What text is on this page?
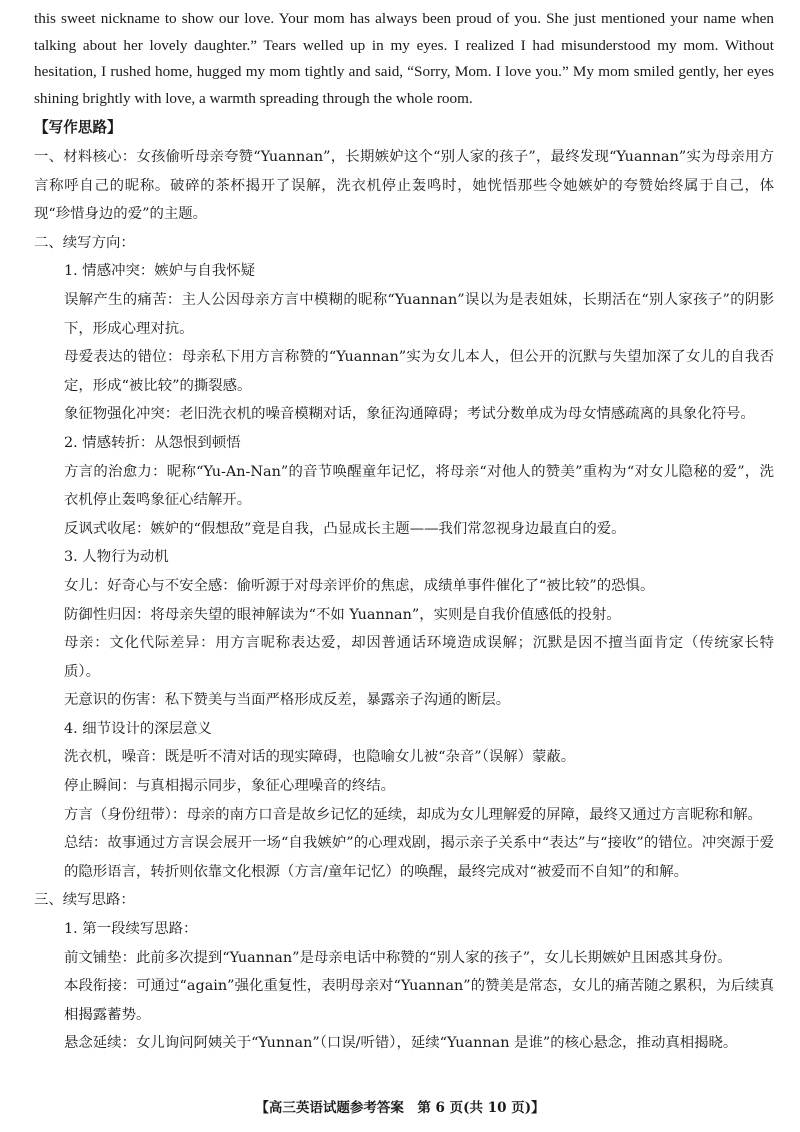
this sweet nickname to show our love. Your mom has always been proud of you. She just mentioned your name when talking about her lovely daughter.” Tears welled up in my eyes. I realized I had misunderstood my mom. Without hesitation, I rushed home, hugged my mom tightly and said, “Sorry, Mom. I love you.” My mom smiled gently, her eyes shining brightly with love, a warmth spreading through the whole room.

【写作思路】

一、材料核心：女孩偷听母亲夸赞“Yuannan”，长期嫉妒这个“别人家的孩子”，最终发现“Yuannan”实为母亲用方言称呼自己的昵称。破碎的茶杯揭开了误解，洗衣机停止轰鸣时，她恍悟那些令她嫉妒的夸赞始终属于自己，体现“珍惜身边的爱”的主题。

二、续写方向：

1. 情感冲突：嫉妒与自我怀疑

误解产生的痛苦：主人公因母亲方言中模糊的昵称“Yuannan”误以为是表姐妹，长期活在“别人家孩子”的阴影下，形成心理对抗。

母爱表达的错位：母亲私下用方言称赞的“Yuannan”实为女儿本人，但公开的沉默与失望加深了女儿的自我否定，形成“被比较”的撕裂感。

象征物强化冲突：老旧洗衣机的噪音模糊对话，象征沟通障碍；考试分数单成为母女情感疏离的具象化符号。

2. 情感转折：从怨恨到顿悟

方言的治愈力：昵称“Yu-An-Nan”的音节唤醒童年记忆，将母亲“对他人的赞美”重构为“对女儿隐秘的爱”，洗衣机停止轰鸣象征心结解开。

反讽式收尾：嫉妒的“假想敌”竟是自我，凸显成长主题——我们常忽视身边最直白的爱。

3. 人物行为动机

女儿：好奇心与不安全感：偷听源于对母亲评价的焦虑，成绩单事件催化了“被比较”的恐惧。

防御性归因：将母亲失望的眼神解读为“不如 Yuannan”，实则是自我价值感低的投射。

母亲：文化代际差异：用方言昵称表达爱，却因普通话环境造成误解；沉默是因不擅当面肯定（传统家长特质）。

无意识的伤害：私下赞美与当面严格形成反差，暴露亲子沟通的断层。

4. 细节设计的深层意义

洗衣机，噪音：既是听不清对话的现实障碍，也隐喻女儿被“杂音”（误解）蒙蔽。

停止瞬间：与真相揭示同步，象征心理噪音的终结。

方言（身份纽带）：母亲的南方口音是故乡记忆的延续，却成为女儿理解爱的屏障，最终又通过方言昵称和解。

总结：故事通过方言误会展开一场“自我嫉妒”的心理戏剧，揭示亲子关系中“表达”与“接收”的错位。冲突源于爱的隐形语言，转折则依靠文化根源（方言/童年记忆）的唤醒，最终完成对“被爱而不自知”的和解。

三、续写思路：

1. 第一段续写思路：

前文铺垫：此前多次提到“Yuannan”是母亲电话中称赞的“别人家的孩子”，女儿长期嫉妒且困惑其身份。

本段衔接：可通过“again”强化重复性，表明母亲对“Yuannan”的赞美是常态，女儿的痛苦随之累积，为后续真相揭露蓄势。

悬念延续：女儿询问阿姨关于“Yunnan”（口误/听错），延续“Yuannan 是谁”的核心悬念，推动真相揭晓。

【高三英语试题参考答案　第 6 页(共 10 页)】
